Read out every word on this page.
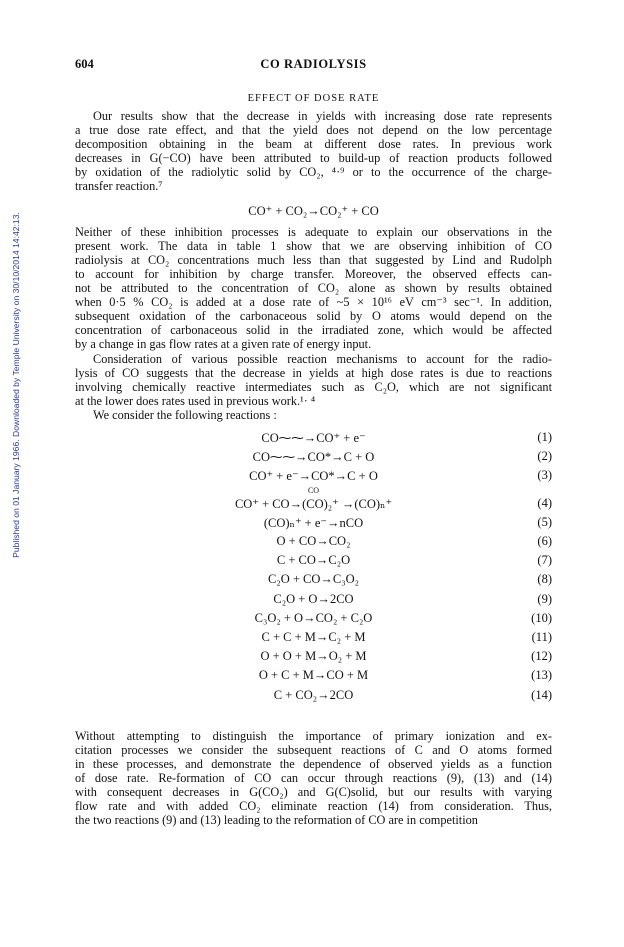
Published on 01 January 1966. Downloaded by Temple University on 30/10/2014 14:42:13.
604	CO RADIOLYSIS
EFFECT OF DOSE RATE
Our results show that the decrease in yields with increasing dose rate represents
a true dose rate effect, and that the yield does not depend on the low percentage
decomposition obtaining in the beam at different dose rates. In previous work
decreases in G(−CO) have been attributed to build-up of reaction products followed
by oxidation of the radiolytic solid by CO₂, ⁴·⁹ or to the occurrence of the charge-
transfer reaction.⁷
CO⁺ + CO₂→CO₂⁺ + CO
Neither of these inhibition processes is adequate to explain our observations in the
present work. The data in table 1 show that we are observing inhibition of CO
radiolysis at CO₂ concentrations much less than that suggested by Lind and Rudolph
to account for inhibition by charge transfer. Moreover, the observed effects can-
not be attributed to the concentration of CO₂ alone as shown by results obtained
when 0·5 % CO₂ is added at a dose rate of ~5 × 10¹⁶ eV cm⁻³ sec⁻¹. In addition,
subsequent oxidation of the carbonaceous solid by O atoms would depend on the
concentration of carbonaceous solid in the irradiated zone, which would be affected
by a change in gas flow rates at a given rate of energy input.
Consideration of various possible reaction mechanisms to account for the radio-
lysis of CO suggests that the decrease in yields at high dose rates is due to reactions
involving chemically reactive intermediates such as C₂O, which are not significant
at the lower does rates used in previous work.¹· ⁴
We consider the following reactions :
CO⁓⁓→CO⁺ + e⁻	(1)
CO⁓⁓→CO*→C + O	(2)
CO⁺ + e⁻→CO*→C + O	(3)
CO
CO⁺ + CO→(CO)₂⁺ →(CO)ₙ⁺	(4)
(CO)ₙ⁺ + e⁻→nCO	(5)
O + CO→CO₂	(6)
C + CO→C₂O	(7)
C₂O + CO→C₃O₂	(8)
C₂O + O→2CO	(9)
C₃O₂ + O→CO₂ + C₂O	(10)
C + C + M→C₂ + M	(11)
O + O + M→O₂ + M	(12)
O + C + M→CO + M	(13)
C + CO₂→2CO	(14)
Without attempting to distinguish the importance of primary ionization and ex-
citation processes we consider the subsequent reactions of C and O atoms formed
in these processes, and demonstrate the dependence of observed yields as a function
of dose rate. Re-formation of CO can occur through reactions (9), (13) and (14)
with consequent decreases in G(CO₂) and G(C)solid, but our results with varying
flow rate and with added CO₂ eliminate reaction (14) from consideration. Thus,
the two reactions (9) and (13) leading to the reformation of CO are in competition
